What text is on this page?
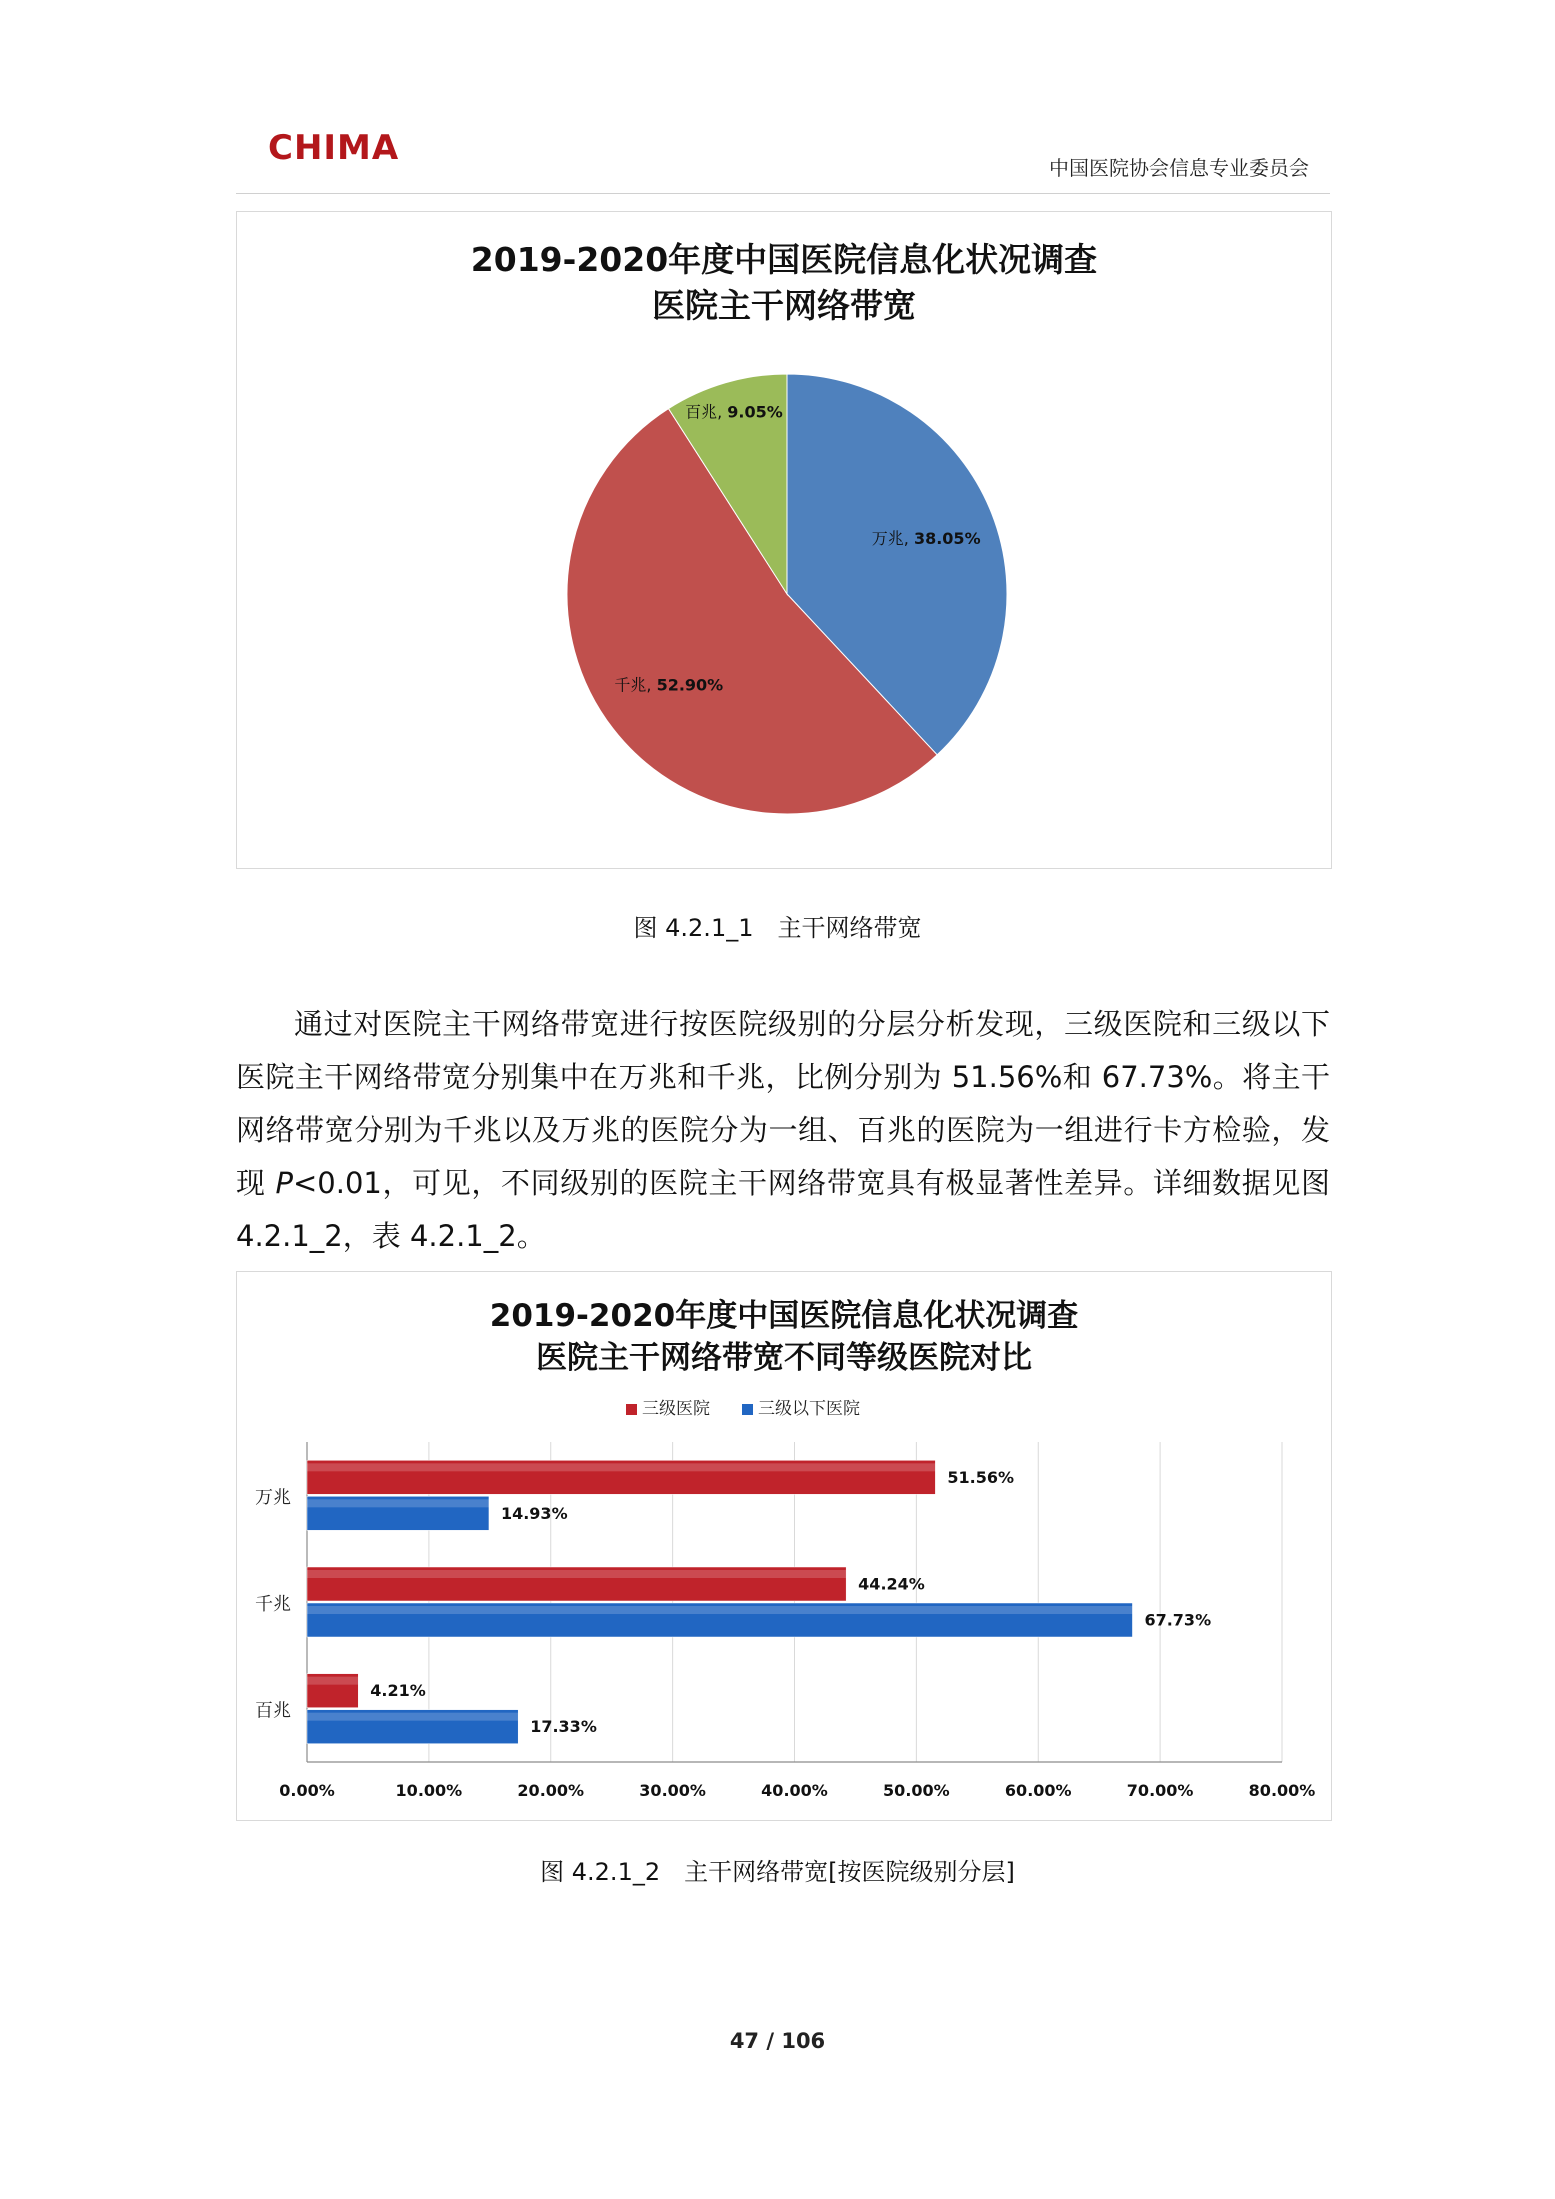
CHIMA	中国医院协会信息专业委员会
2019-2020年度中国医院信息化状况调查
医院主干网络带宽
万兆, 38.05%
千兆, 52.90%
百兆, 9.05%
图 4.2.1_1　主干网络带宽

通过对医院主干网络带宽进行按医院级别的分层分析发现，三级医院和三级以下医院主干网络带宽分别集中在万兆和千兆，比例分别为 51.56%和 67.73%。将主干网络带宽分别为千兆以及万兆的医院分为一组、百兆的医院为一组进行卡方检验，发现 P<0.01，可见，不同级别的医院主干网络带宽具有极显著性差异。详细数据见图 4.2.1_2，表 4.2.1_2。

2019-2020年度中国医院信息化状况调查
医院主干网络带宽不同等级医院对比
三级医院	三级以下医院
0.00%	10.00%	20.00%	30.00%	40.00%	50.00%	60.00%	70.00%	80.00%
万兆
51.56%
14.93%
千兆
44.24%
67.73%
百兆
4.21%
17.33%
图 4.2.1_2　主干网络带宽[按医院级别分层]
47 / 106
